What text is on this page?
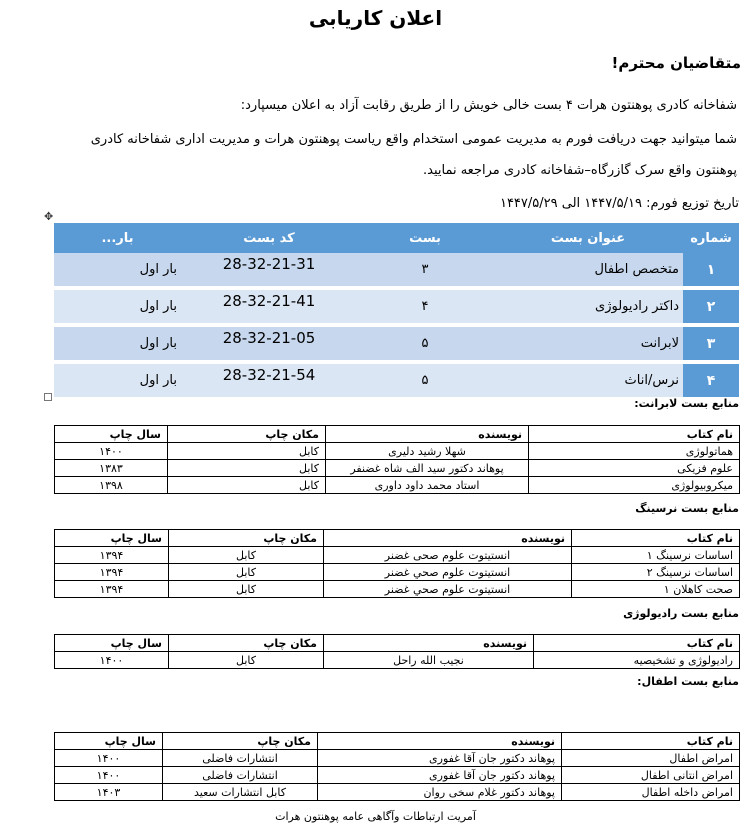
اعلان کاریابی
متقاضیان محترم!
شفاخانه کادری پوهنتون هرات ۴ بست خالی خویش را از طریق رقابت آزاد به اعلان میسپارد:
شما میتوانید جهت دریافت فورم به مدیریت عمومی استخدام واقع ریاست پوهنتون هرات و مدیریت اداری شفاخانه کادری
پوهنتون واقع سرک گازرگاه–شفاخانه کادری مراجعه نمایید.
تاریخ توزیع فورم: ۱۴۴۷/۵/۱۹ الی ۱۴۴۷/۵/۲۹
✥
شماره	عنوان بست	بست	کد بست	بار...
۱	متخصص اطفال	۳	28-32-21-31	بار اول
۲	داکتر رادیولوژی	۴	28-32-21-41	بار اول
۳	لابرانت	۵	28-32-21-05	بار اول
۴	نرس/اناث	۵	28-32-21-54	بار اول
منابع بست لابرانت:
نام کتاب	نویسنده	مکان چاپ	سال چاپ
هماتولوژی	شهلا رشید دلیری	کابل	۱۴۰۰
علوم فزیکی	پوهاند دکتور سید الف شاه غضنفر	کابل	۱۳۸۳
میکروبیولوژی	استاد محمد داود داوری	کابل	۱۳۹۸
منابع بست نرسینگ
نام کتاب	نویسنده	مکان چاپ	سال چاپ
اساسات نرسینگ ۱	انستیتوت علوم صحی غضنر	کابل	۱۳۹۴
اساسات نرسینگ ۲	انستیتوت علوم صحي غضنر	کابل	۱۳۹۴
صحت کاهلان ۱	انستیتوت علوم صحي غضنر	کابل	۱۳۹۴
منابع بست رادیولوژی
نام کتاب	نویسنده	مکان چاپ	سال چاپ
رادیولوژی و تشخیصیه	نجیب الله راحل	کابل	۱۴۰۰
منابع بست اطفال:
نام کتاب	نویسنده	مکان چاپ	سال چاپ
امراض اطفال	پوهاند دکتور جان آقا غفوری	انتشارات فاضلی	۱۴۰۰
امراض انتانی اطفال	پوهاند دکتور جان آقا غفوری	انتشارات فاضلی	۱۴۰۰
امراض داخله اطفال	پوهاند دکتور غلام سخی روان	کابل انتشارات سعید	۱۴۰۳
آمریت ارتباطات وآگاهی عامه پوهنتون هرات
